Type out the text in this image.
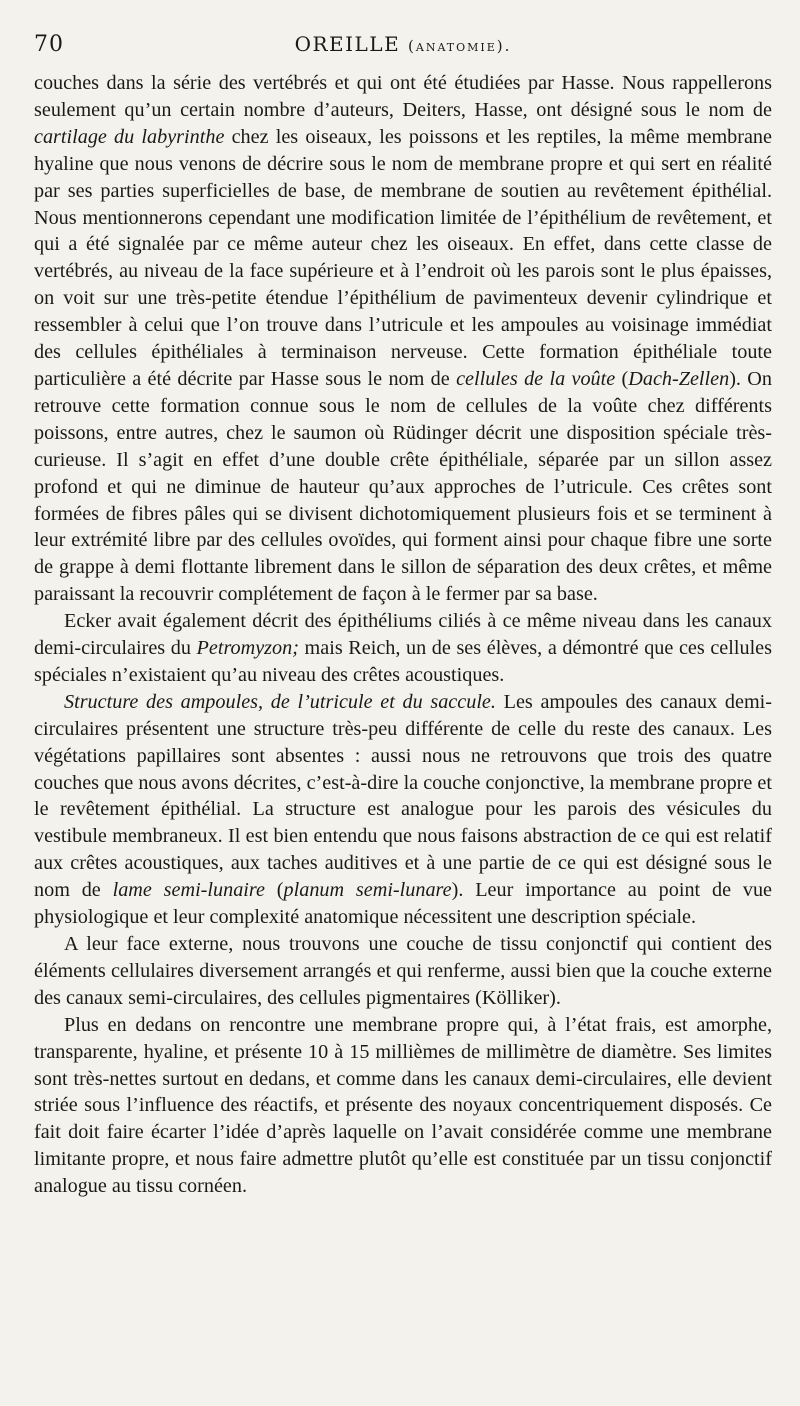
70	OREILLE (anatomie).

couches dans la série des vertébrés et qui ont été étudiées par Hasse. Nous rappellerons seulement qu’un certain nombre d’auteurs, Deiters, Hasse, ont désigné sous le nom de cartilage du labyrinthe chez les oiseaux, les poissons et les reptiles, la même membrane hyaline que nous venons de décrire sous le nom de membrane propre et qui sert en réalité par ses parties superficielles de base, de membrane de soutien au revêtement épithélial. Nous mentionnerons cependant une modification limitée de l’épithélium de revêtement, et qui a été signalée par ce même auteur chez les oiseaux. En effet, dans cette classe de vertébrés, au niveau de la face supérieure et à l’endroit où les parois sont le plus épaisses, on voit sur une très-petite étendue l’épithélium de pavimenteux devenir cylindrique et ressembler à celui que l’on trouve dans l’utricule et les ampoules au voisinage immédiat des cellules épithéliales à terminaison nerveuse. Cette formation épithéliale toute particulière a été décrite par Hasse sous le nom de cellules de la voûte (Dach-Zellen). On retrouve cette formation connue sous le nom de cellules de la voûte chez différents poissons, entre autres, chez le saumon où Rüdinger décrit une disposition spéciale très-curieuse. Il s’agit en effet d’une double crête épithéliale, séparée par un sillon assez profond et qui ne diminue de hauteur qu’aux approches de l’utricule. Ces crêtes sont formées de fibres pâles qui se divisent dichotomiquement plusieurs fois et se terminent à leur extrémité libre par des cellules ovoïdes, qui forment ainsi pour chaque fibre une sorte de grappe à demi flottante librement dans le sillon de séparation des deux crêtes, et même paraissant la recouvrir complétement de façon à le fermer par sa base.

Ecker avait également décrit des épithéliums ciliés à ce même niveau dans les canaux demi-circulaires du Petromyzon; mais Reich, un de ses élèves, a démontré que ces cellules spéciales n’existaient qu’au niveau des crêtes acoustiques.

Structure des ampoules, de l’utricule et du saccule. Les ampoules des canaux demi-circulaires présentent une structure très-peu différente de celle du reste des canaux. Les végétations papillaires sont absentes : aussi nous ne retrouvons que trois des quatre couches que nous avons décrites, c’est-à-dire la couche conjonctive, la membrane propre et le revêtement épithélial. La structure est analogue pour les parois des vésicules du vestibule membraneux. Il est bien entendu que nous faisons abstraction de ce qui est relatif aux crêtes acoustiques, aux taches auditives et à une partie de ce qui est désigné sous le nom de lame semi-lunaire (planum semi-lunare). Leur importance au point de vue physiologique et leur complexité anatomique nécessitent une description spéciale.

A leur face externe, nous trouvons une couche de tissu conjonctif qui contient des éléments cellulaires diversement arrangés et qui renferme, aussi bien que la couche externe des canaux semi-circulaires, des cellules pigmentaires (Kölliker).

Plus en dedans on rencontre une membrane propre qui, à l’état frais, est amorphe, transparente, hyaline, et présente 10 à 15 millièmes de millimètre de diamètre. Ses limites sont très-nettes surtout en dedans, et comme dans les canaux demi-circulaires, elle devient striée sous l’influence des réactifs, et présente des noyaux concentriquement disposés. Ce fait doit faire écarter l’idée d’après laquelle on l’avait considérée comme une membrane limitante propre, et nous faire admettre plutôt qu’elle est constituée par un tissu conjonctif analogue au tissu cornéen.
